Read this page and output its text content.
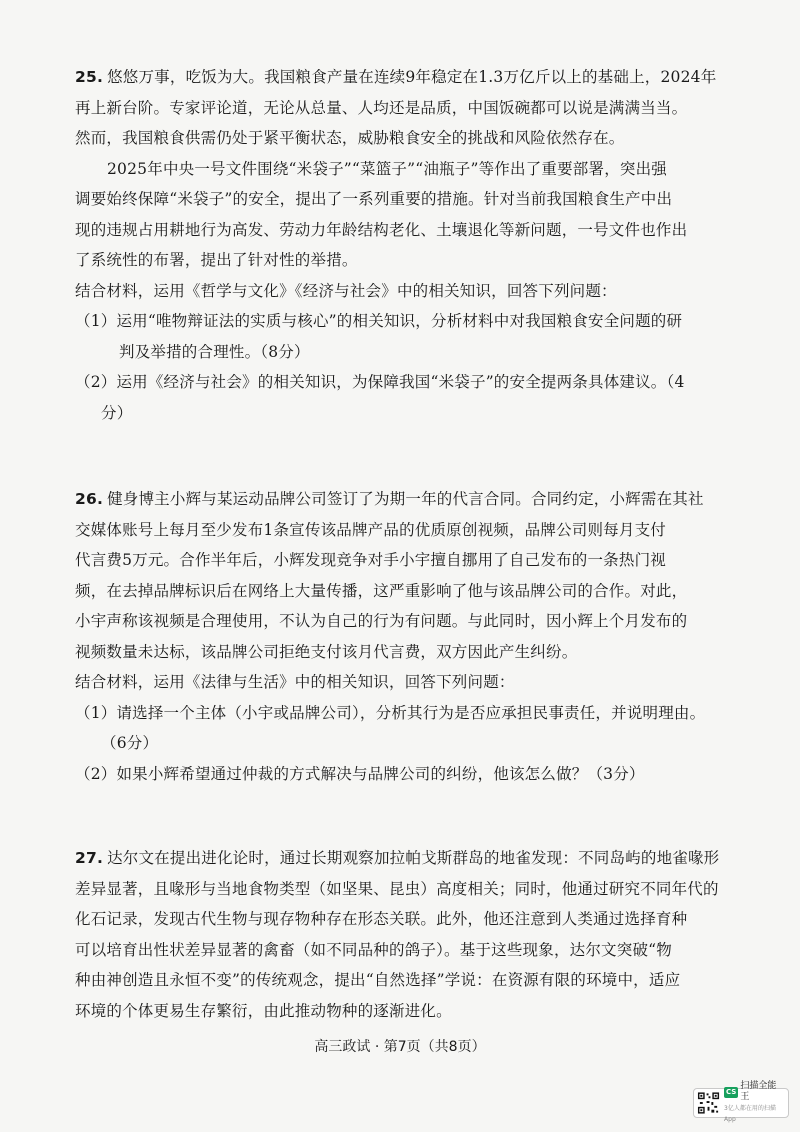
25. 悠悠万事，吃饭为大。我国粮食产量在连续9年稳定在1.3万亿斤以上的基础上，2024年

再上新台阶。专家评论道，无论从总量、人均还是品质，中国饭碗都可以说是满满当当。

然而，我国粮食供需仍处于紧平衡状态，威胁粮食安全的挑战和风险依然存在。

2025年中央一号文件围绕“米袋子”“菜篮子”“油瓶子”等作出了重要部署，突出强

调要始终保障“米袋子”的安全，提出了一系列重要的措施。针对当前我国粮食生产中出

现的违规占用耕地行为高发、劳动力年龄结构老化、土壤退化等新问题，一号文件也作出

了系统性的布署，提出了针对性的举措。

结合材料，运用《哲学与文化》《经济与社会》中的相关知识，回答下列问题：

（1）运用“唯物辩证法的实质与核心”的相关知识，分析材料中对我国粮食安全问题的研

判及举措的合理性。（8分）

（2）运用《经济与社会》的相关知识，为保障我国“米袋子”的安全提两条具体建议。（4

分）

26. 健身博主小辉与某运动品牌公司签订了为期一年的代言合同。合同约定，小辉需在其社

交媒体账号上每月至少发布1条宣传该品牌产品的优质原创视频，品牌公司则每月支付

代言费5万元。合作半年后，小辉发现竞争对手小宇擅自挪用了自己发布的一条热门视

频，在去掉品牌标识后在网络上大量传播，这严重影响了他与该品牌公司的合作。对此，

小宇声称该视频是合理使用，不认为自己的行为有问题。与此同时，因小辉上个月发布的

视频数量未达标，该品牌公司拒绝支付该月代言费，双方因此产生纠纷。

结合材料，运用《法律与生活》中的相关知识，回答下列问题：

（1）请选择一个主体（小宇或品牌公司），分析其行为是否应承担民事责任，并说明理由。

（6分）

（2）如果小辉希望通过仲裁的方式解决与品牌公司的纠纷，他该怎么做？（3分）

27. 达尔文在提出进化论时，通过长期观察加拉帕戈斯群岛的地雀发现：不同岛屿的地雀喙形

差异显著，且喙形与当地食物类型（如坚果、昆虫）高度相关；同时，他通过研究不同年代的

化石记录，发现古代生物与现存物种存在形态关联。此外，他还注意到人类通过选择育种

可以培育出性状差异显著的禽畜（如不同品种的鸽子）。基于这些现象，达尔文突破“物

种由神创造且永恒不变”的传统观念，提出“自然选择”学说：在资源有限的环境中，适应

环境的个体更易生存繁衍，由此推动物种的逐渐进化。

高三政试 · 第7页（共8页）
CS
扫描全能王
3亿人都在用的扫描App
